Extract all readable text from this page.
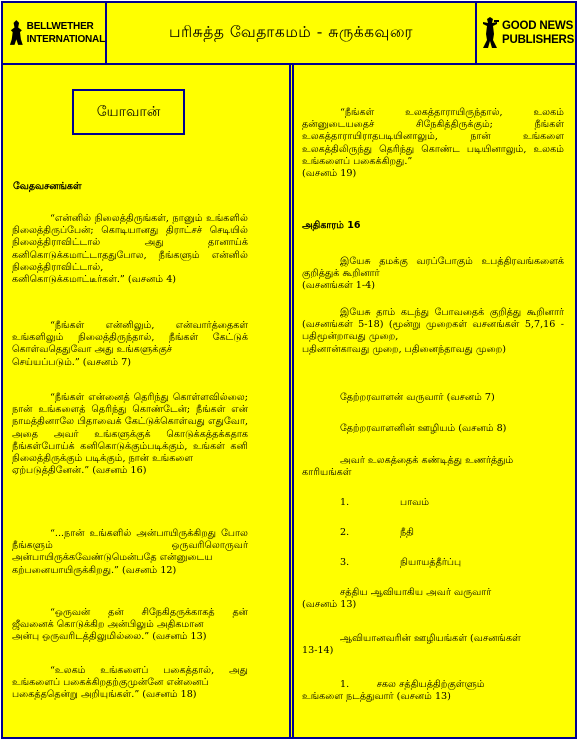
BELLWETHER
INTERNATIONAL	பரிசுத்த வேதாகமம் - சுருக்கவுரை	GOOD NEWS
PUBLISHERS
யோவான்
வேதவசனங்கள்
“என்னில் நிலைத்திருங்கள், நானும் உங்களில் நிலைத்திருப்பேன்; கொடியானது திராட்சச் செடியில் நிலைத்திராவிட்டால் அது தானாய்க் கனிகொடுக்கமாட்டாததுபோல, நீங்களும் என்னில் நிலைத்திராவிட்டால்,
கனிகொடுக்கமாட்டீர்கள்.” (வசனம் 4)
“நீங்கள் என்னிலும், என்வார்த்தைகள் உங்களிலும் நிலைத்திருந்தால், நீங்கள் கேட்டுக் கொள்வதெதுவோ அது உங்களுக்குச்
செய்யப்படும்.” (வசனம் 7)
“நீங்கள் என்னைத் தெரிந்து கொள்ளவில்லை; நான் உங்களைத் தெரிந்து கொண்டேன்; நீங்கள் என் நாமத்தினாலே பிதாவைக் கேட்டுக்கொள்வது எதுவோ, அதை அவர் உங்களுக்குக் கொடுக்கத்தக்கதாக நீங்கள்போய்க் கனிகொடுக்கும்படிக்கும், உங்கள் கனி நிலைத்திருக்கும் படிக்கும், நான் உங்களை
ஏற்படுத்தினேன்.” (வசனம் 16)
“...நான் உங்களில் அன்பாயிருக்கிறது போல நீங்களும் ஒருவரிலொருவர் அன்பாயிருக்கவேண்டுமென்பதே என்னுடைய
கற்பனையாயிருக்கிறது.” (வசனம் 12)
“ஒருவன் தன் சிநேகிதருக்காகத் தன் ஜீவனைக் கொடுக்கிற அன்பிலும் அதிகமான
அன்பு ஒருவரிடத்திலுமில்லை.” (வசனம் 13)
“உலகம் உங்களைப் பகைத்தால், அது உங்களைப் பகைக்கிறதற்குமுன்னே என்னைப்
பகைத்ததென்று அறியுங்கள்.” (வசனம் 18)
“நீங்கள் உலகத்தாராயிருந்தால், உலகம் தன்னுடையதைச் சிநேகித்திருக்கும்; நீங்கள் உலகத்தாராயிராதபடியினாலும், நான் உங்களை உலகத்திலிருந்து தெரிந்து கொண்ட படியினாலும், உலகம் உங்களைப் பகைக்கிறது.”
(வசனம் 19)
அதிகாரம் 16
இயேசு தமக்கு வரப்போகும் உபத்திரவங்களைக் குறித்துக் கூறினார்
(வசனங்கள் 1-4)
இயேசு தாம் கடந்து போவதைக் குறித்து கூறினார் (வசனங்கள் 5-18) (மூன்று முறைகள் வசனங்கள் 5,7,16 - பதிமூன்றாவது முறை,
பதினான்காவது முறை, பதினைந்தாவது முறை)
தேற்றரவாளன் வருவார் (வசனம் 7)
தேற்றரவாளனின் ஊழியம் (வசனம் 8)
அவர் உலகத்தைக் கண்டித்து உணர்த்தும்
காரியங்கள்
1.	பாவம்
2.	நீதி
3.	நியாயத்தீர்ப்பு
சத்திய ஆவியாகிய அவர் வருவார்
(வசனம் 13)
ஆவியானவரின் ஊழியங்கள் (வசனங்கள்
13-14)
1.	சகல சத்தியத்திற்குள்ளும்
உங்களை நடத்துவார் (வசனம் 13)
